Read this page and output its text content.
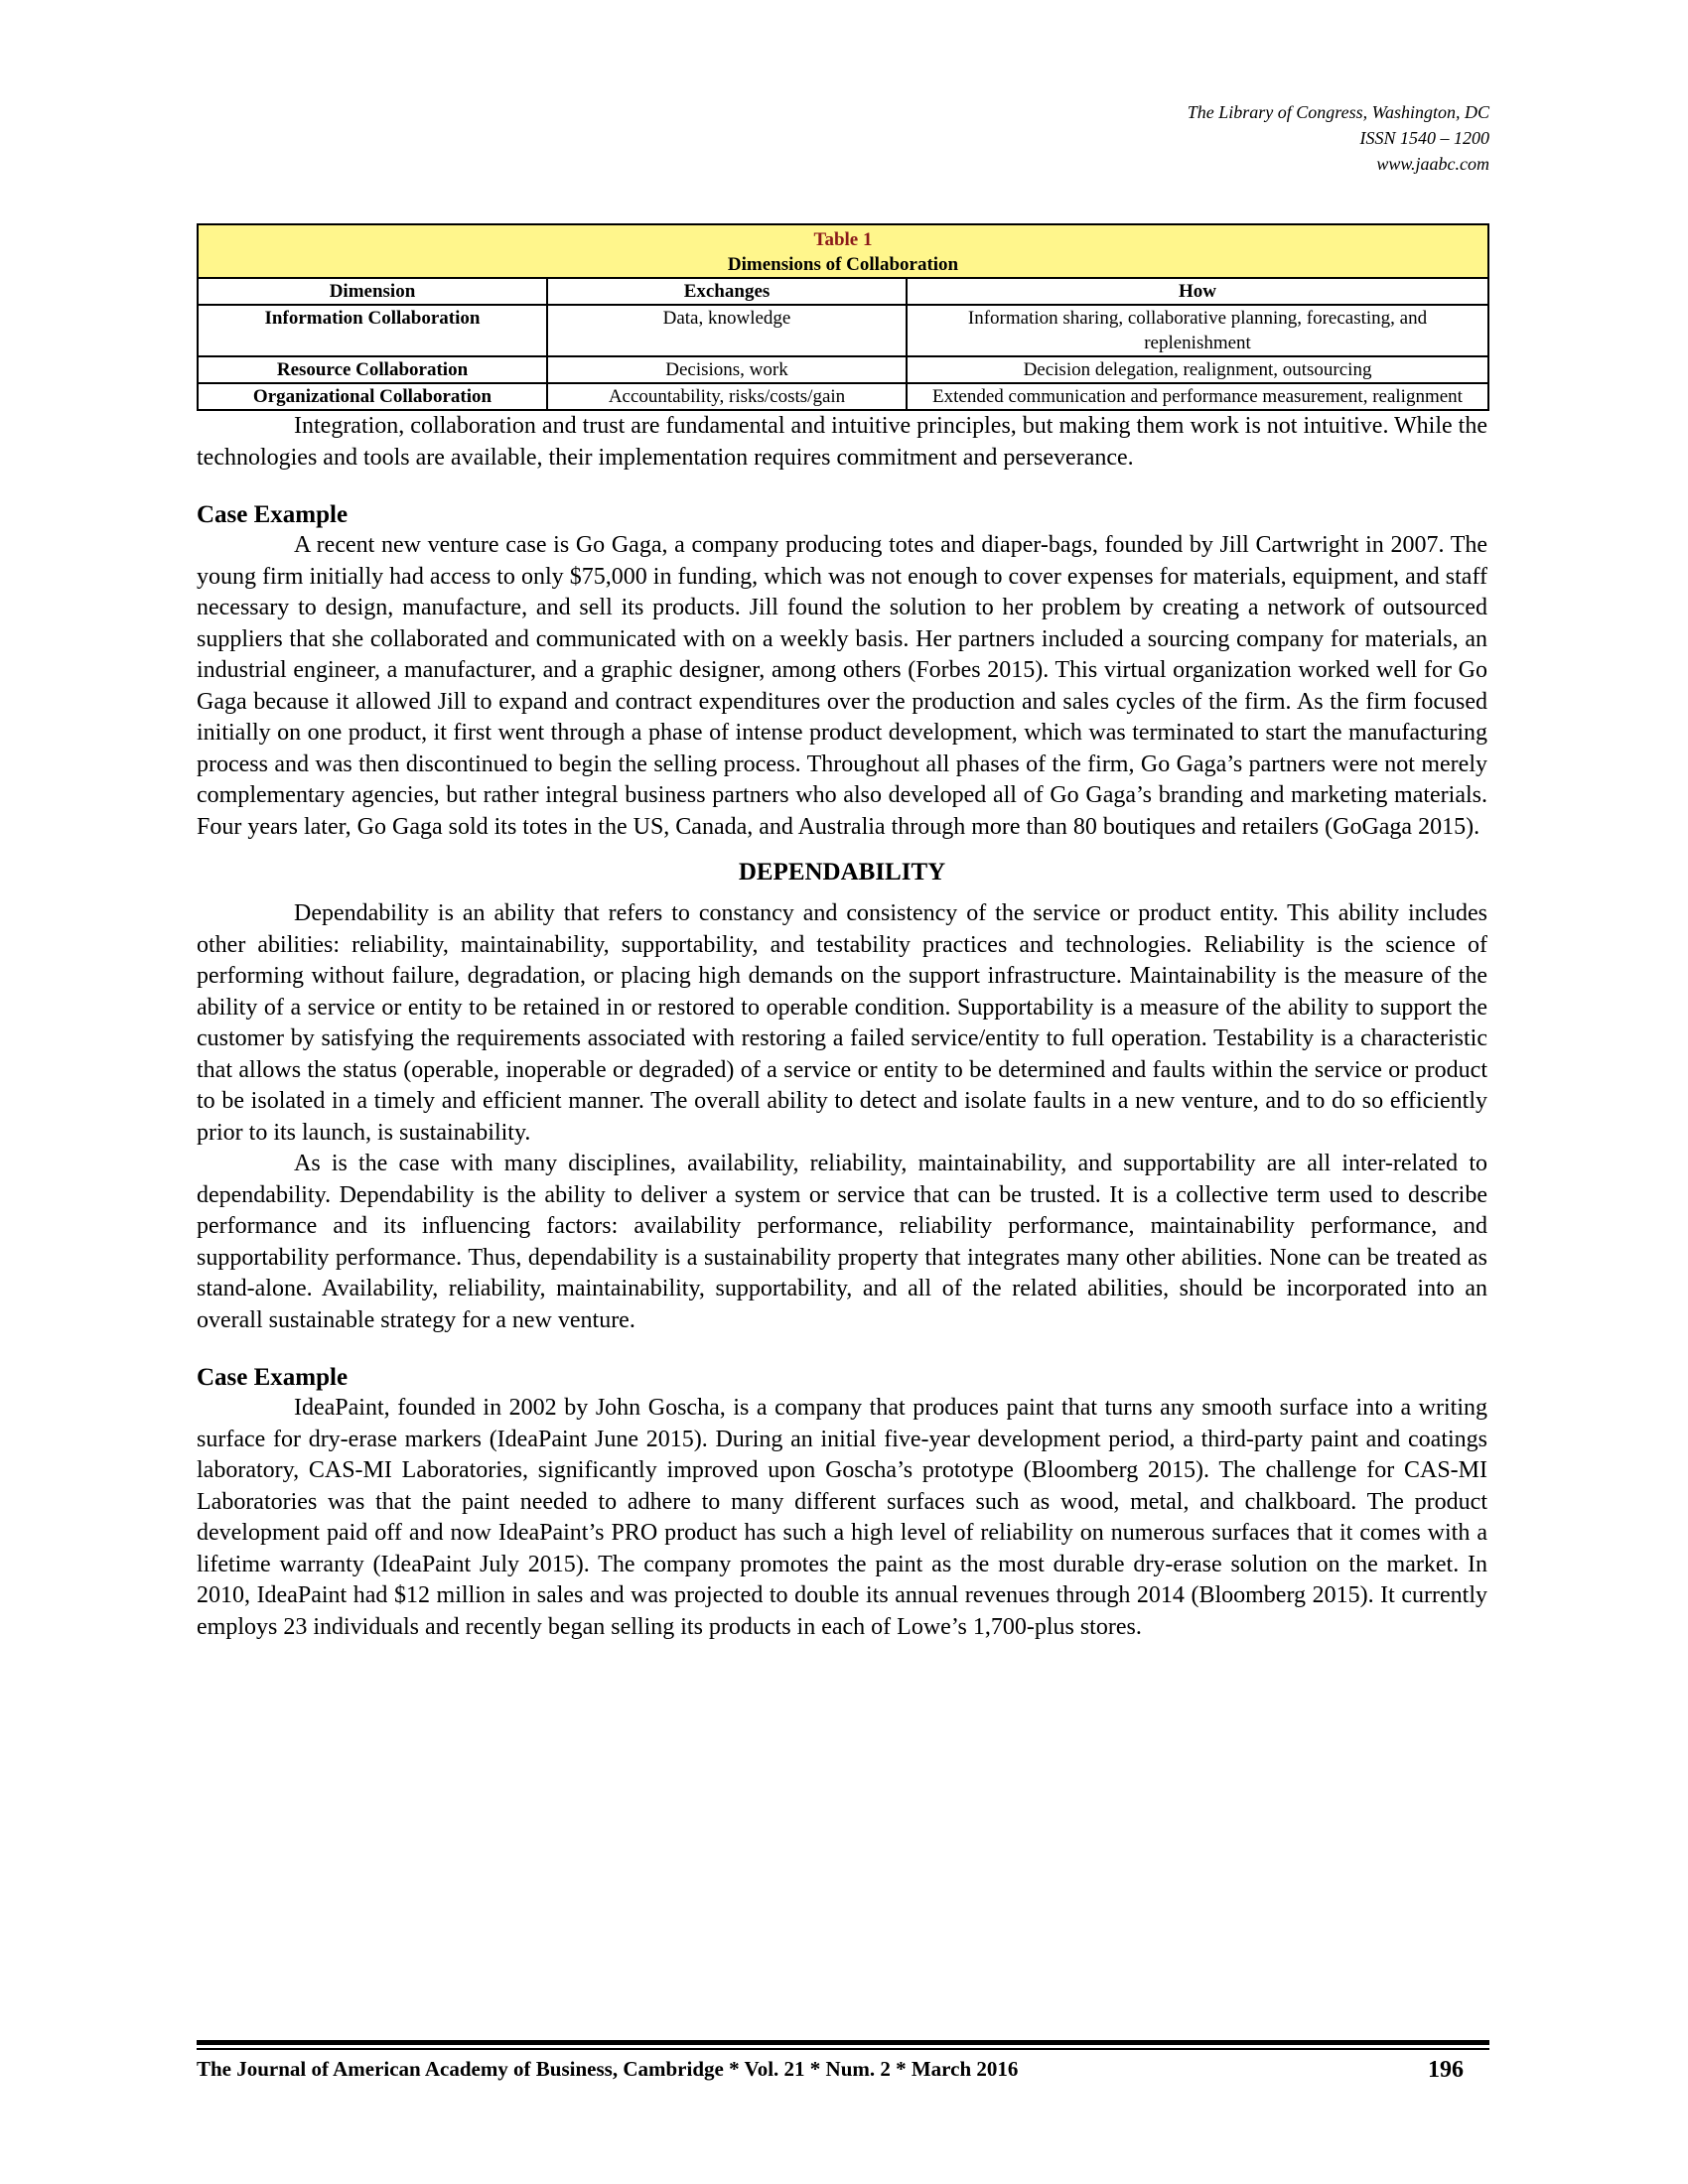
The Library of Congress, Washington, DC
ISSN 1540 – 1200
www.jaabc.com
Table 1
Dimensions of Collaboration		

Dimension	Exchanges	How
Information Collaboration	Data, knowledge	Information sharing, collaborative planning, forecasting, and replenishment
Resource Collaboration	Decisions, work	Decision delegation, realignment, outsourcing
Organizational Collaboration	Accountability, risks/costs/gain	Extended communication and performance measurement, realignment

Integration, collaboration and trust are fundamental and intuitive principles, but making them work is not intuitive. While the technologies and tools are available, their implementation requires commitment and perseverance.

Case Example

A recent new venture case is Go Gaga, a company producing totes and diaper-bags, founded by Jill Cartwright in 2007. The young firm initially had access to only $75,000 in funding, which was not enough to cover expenses for materials, equipment, and staff necessary to design, manufacture, and sell its products. Jill found the solution to her problem by creating a network of outsourced suppliers that she collaborated and communicated with on a weekly basis. Her partners included a sourcing company for materials, an industrial engineer, a manufacturer, and a graphic designer, among others (Forbes 2015). This virtual organization worked well for Go Gaga because it allowed Jill to expand and contract expenditures over the production and sales cycles of the firm. As the firm focused initially on one product, it first went through a phase of intense product development, which was terminated to start the manufacturing process and was then discontinued to begin the selling process. Throughout all phases of the firm, Go Gaga’s partners were not merely complementary agencies, but rather integral business partners who also developed all of Go Gaga’s branding and marketing materials. Four years later, Go Gaga sold its totes in the US, Canada, and Australia through more than 80 boutiques and retailers (GoGaga 2015).

DEPENDABILITY

Dependability is an ability that refers to constancy and consistency of the service or product entity. This ability includes other abilities: reliability, maintainability, supportability, and testability practices and technologies. Reliability is the science of performing without failure, degradation, or placing high demands on the support infrastructure. Maintainability is the measure of the ability of a service or entity to be retained in or restored to operable condition. Supportability is a measure of the ability to support the customer by satisfying the requirements associated with restoring a failed service/entity to full operation. Testability is a characteristic that allows the status (operable, inoperable or degraded) of a service or entity to be determined and faults within the service or product to be isolated in a timely and efficient manner. The overall ability to detect and isolate faults in a new venture, and to do so efficiently prior to its launch, is sustainability.

As is the case with many disciplines, availability, reliability, maintainability, and supportability are all inter-related to dependability. Dependability is the ability to deliver a system or service that can be trusted. It is a collective term used to describe performance and its influencing factors: availability performance, reliability performance, maintainability performance, and supportability performance. Thus, dependability is a sustainability property that integrates many other abilities. None can be treated as stand-alone. Availability, reliability, maintainability, supportability, and all of the related abilities, should be incorporated into an overall sustainable strategy for a new venture.

Case Example

IdeaPaint, founded in 2002 by John Goscha, is a company that produces paint that turns any smooth surface into a writing surface for dry-erase markers (IdeaPaint June 2015). During an initial five-year development period, a third-party paint and coatings laboratory, CAS-MI Laboratories, significantly improved upon Goscha’s prototype (Bloomberg 2015). The challenge for CAS-MI Laboratories was that the paint needed to adhere to many different surfaces such as wood, metal, and chalkboard. The product development paid off and now IdeaPaint’s PRO product has such a high level of reliability on numerous surfaces that it comes with a lifetime warranty (IdeaPaint July 2015). The company promotes the paint as the most durable dry-erase solution on the market. In 2010, IdeaPaint had $12 million in sales and was projected to double its annual revenues through 2014 (Bloomberg 2015). It currently employs 23 individuals and recently began selling its products in each of Lowe’s 1,700-plus stores.

The Journal of American Academy of Business, Cambridge * Vol. 21 * Num. 2 * March 2016	196
